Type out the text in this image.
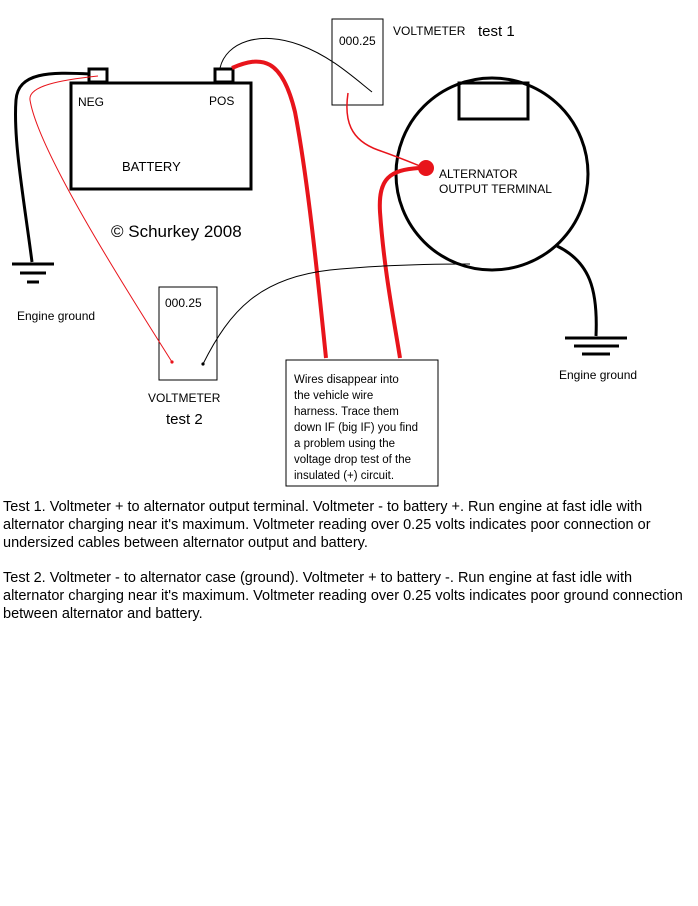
NEG	POS
BATTERY
© Schurkey 2008
Engine ground
ALTERNATOR
OUTPUT TERMINAL
Engine ground
000.25
VOLTMETER test 1
000.25
VOLTMETER
test 2
Wires disappear into
the vehicle wire
harness. Trace them
down IF (big IF) you find
a problem using the
voltage drop test of the
insulated (+) circuit.

Test 1. Voltmeter + to alternator output terminal. Voltmeter - to battery +. Run engine at fast idle with alternator charging near it's maximum. Voltmeter reading over 0.25 volts indicates poor connection or undersized cables between alternator output and battery.

Test 2. Voltmeter - to alternator case (ground). Voltmeter + to battery -. Run engine at fast idle with alternator charging near it's maximum. Voltmeter reading over 0.25 volts indicates poor ground connection between alternator and battery.
